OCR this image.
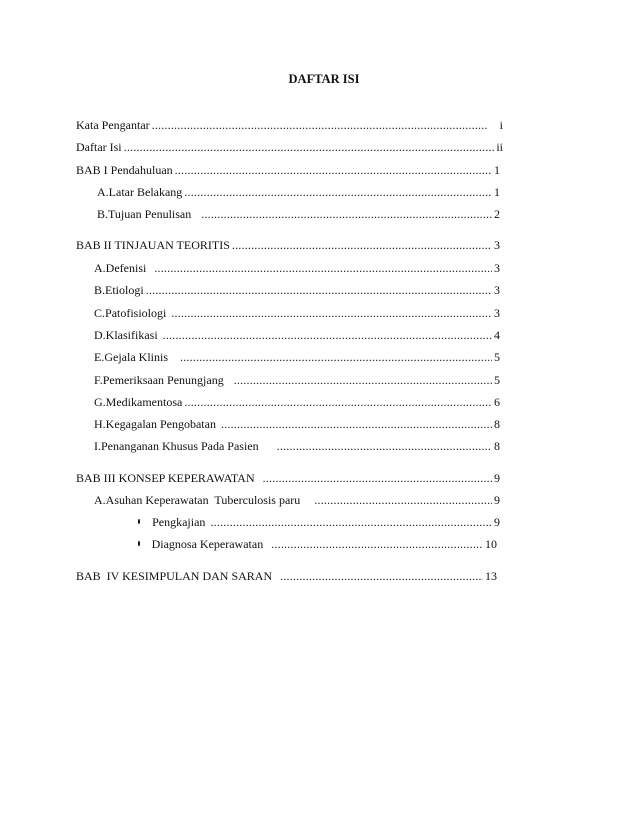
DAFTAR ISI
Kata Pengantar .....	i
Daftar Isi .....	ii
BAB I Pendahuluan .....	1
A. Latar Belakang .....	1
B. Tujuan Penulisan .....	2
BAB II TINJAUAN TEORITIS .....	3
A. Defenisi .....	3
B. Etiologi .....	3
C. Patofisiologi .....	3
D. Klasifikasi .....	4
E. Gejala Klinis .....	5
F. Pemeriksaan Penungjang .....	5
G. Medikamentosa .....	6
H. Kegagalan Pengobatan .....	8
I. Penanganan Khusus Pada Pasien .....	8
BAB III KONSEP KEPERAWATAN .....	9
A. Asuhan Keperawatan  Tuberculosis paru .....	9
Pengkajian .....	9
Diagnosa Keperawatan .....	10
BAB  IV KESIMPULAN DAN SARAN .....	13
